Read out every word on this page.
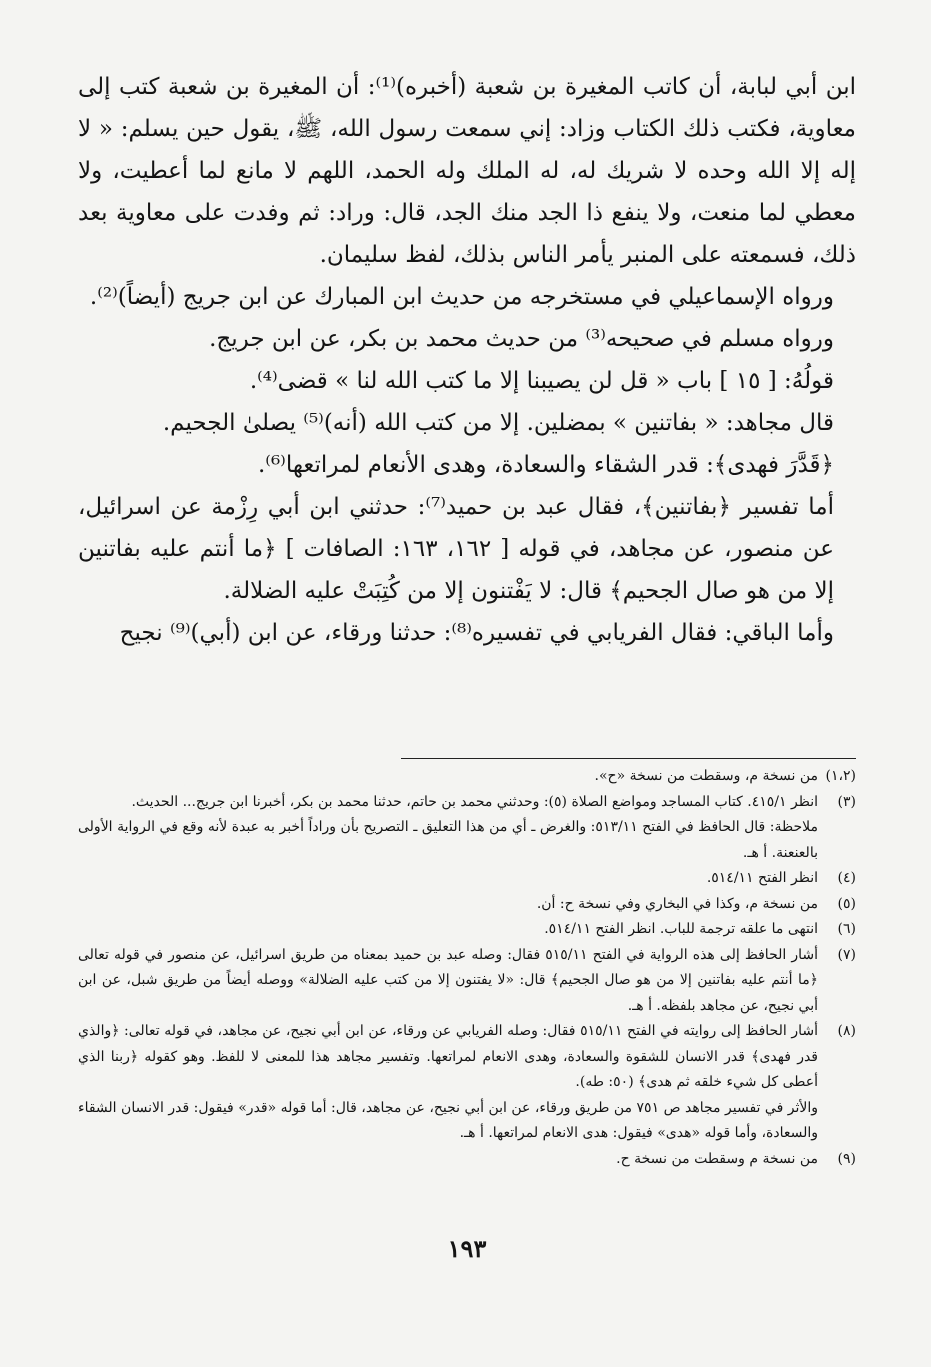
ابن أبي لبابة، أن كاتب المغيرة بن شعبة (أخبره)⁽¹⁾: أن المغيرة بن شعبة كتب إلى معاوية، فكتب ذلك الكتاب وزاد: إني سمعت رسول الله، ﷺ، يقول حين يسلم: « لا إله إلا الله وحده لا شريك له، له الملك وله الحمد، اللهم لا مانع لما أعطيت، ولا معطي لما منعت، ولا ينفع ذا الجد منك الجد، قال: وراد: ثم وفدت على معاوية بعد ذلك، فسمعته على المنبر يأمر الناس بذلك، لفظ سليمان.

ورواه الإسماعيلي في مستخرجه من حديث ابن المبارك عن ابن جريج (أيضاً)⁽²⁾.

ورواه مسلم في صحيحه⁽³⁾ من حديث محمد بن بكر، عن ابن جريج.

قولُهُ: [ ١٥ ] باب « قل لن يصيبنا إلا ما كتب الله لنا » قضى⁽⁴⁾.

قال مجاهد: « بفاتنين » بمضلين. إلا من كتب الله (أنه)⁽⁵⁾ يصلىٰ الجحيم.

﴿قَدَّرَ فهدى﴾: قدر الشقاء والسعادة، وهدى الأنعام لمراتعها⁽⁶⁾.

أما تفسير ﴿بفاتنين﴾، فقال عبد بن حميد⁽⁷⁾: حدثني ابن أبي رِزْمة عن اسرائيل، عن منصور، عن مجاهد، في قوله [ ١٦٢، ١٦٣: الصافات ] ﴿ما أنتم عليه بفاتنين إلا من هو صال الجحيم﴾ قال: لا يَفْتنون إلا من كُتِبَتْ عليه الضلالة.

وأما الباقي: فقال الفريابي في تفسيره⁽⁸⁾: حدثنا ورقاء، عن ابن (أبي)⁽⁹⁾ نجيح

(١،٢)

من نسخة م، وسقطت من نسخة «ح».

(٣)

انظر ٤١٥/١. كتاب المساجد ومواضع الصلاة (٥): وحدثني محمد بن حاتم، حدثنا محمد بن بكر، أخبرنا ابن جريج... الحديث.

ملاحظة: قال الحافظ في الفتح ٥١٣/١١: والغرض ـ أي من هذا التعليق ـ التصريح بأن وراداً أخبر به عبدة لأنه وقع في الرواية الأولى بالعنعنة. أ هـ.

(٤)

انظر الفتح ٥١٤/١١.

(٥)

من نسخة م، وكذا في البخاري وفي نسخة ح: أن.

(٦)

انتهى ما علقه ترجمة للباب. انظر الفتح ٥١٤/١١.

(٧)

أشار الحافظ إلى هذه الرواية في الفتح ٥١٥/١١ فقال: وصله عبد بن حميد بمعناه من طريق اسرائيل، عن منصور في قوله تعالى ﴿ما أنتم عليه بفاتنين إلا من هو صال الجحيم﴾ قال: «لا يفتنون إلا من كتب عليه الضلالة» ووصله أيضاً من طريق شبل، عن ابن أبي نجيح، عن مجاهد بلفظه. أ هـ.

(٨)

أشار الحافظ إلى روايته في الفتح ٥١٥/١١ فقال: وصله الفريابي عن ورقاء، عن ابن أبي نجيح، عن مجاهد، في قوله تعالى: ﴿والذي قدر فهدى﴾ قدر الانسان للشقوة والسعادة، وهدى الانعام لمراتعها. وتفسير مجاهد هذا للمعنى لا للفظ. وهو كقوله ﴿ربنا الذي أعطى كل شيء خلقه ثم هدى﴾ (٥٠: طه).

والأثر في تفسير مجاهد ص ٧٥١ من طريق ورقاء، عن ابن أبي نجيح، عن مجاهد، قال: أما قوله «قدر» فيقول: قدر الانسان الشقاء والسعادة، وأما قوله «هدى» فيقول: هدى الانعام لمراتعها. أ هـ.

(٩)

من نسخة م وسقطت من نسخة ح.

١٩٣
